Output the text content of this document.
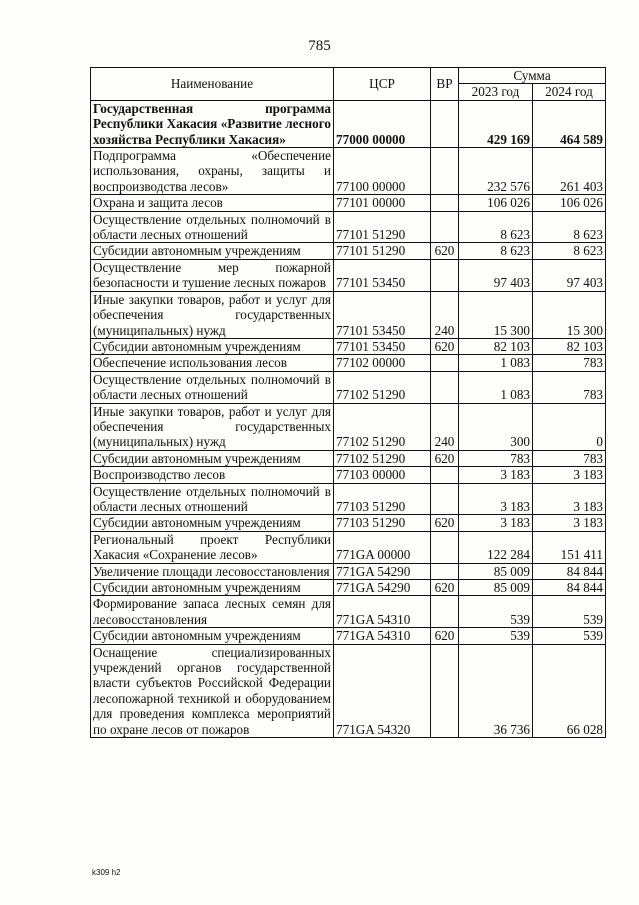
785
Наименование	ЦСР	ВР	Сумма	
			2023 год	2024 год
Государственная программа Республики Хакасия «Развитие лесного хозяйства Республики Хакасия»	77000 00000		429 169	464 589
Подпрограмма «Обеспечение использования, охраны, защиты и воспроизводства лесов»	77100 00000		232 576	261 403
Охрана и защита лесов	77101 00000		106 026	106 026
Осуществление отдельных полномочий в области лесных отношений	77101 51290		8 623	8 623
Субсидии автономным учреждениям	77101 51290	620	8 623	8 623
Осуществление мер пожарной безопасности и тушение лесных пожаров	77101 53450		97 403	97 403
Иные закупки товаров, работ и услуг для обеспечения государственных (муниципальных) нужд	77101 53450	240	15 300	15 300
Субсидии автономным учреждениям	77101 53450	620	82 103	82 103
Обеспечение использования лесов	77102 00000		1 083	783
Осуществление отдельных полномочий в области лесных отношений	77102 51290		1 083	783
Иные закупки товаров, работ и услуг для обеспечения государственных (муниципальных) нужд	77102 51290	240	300	0
Субсидии автономным учреждениям	77102 51290	620	783	783
Воспроизводство лесов	77103 00000		3 183	3 183
Осуществление отдельных полномочий в области лесных отношений	77103 51290		3 183	3 183
Субсидии автономным учреждениям	77103 51290	620	3 183	3 183
Региональный проект Республики Хакасия «Сохранение лесов»	771GA 00000		122 284	151 411
Увеличение площади лесовосстановления	771GA 54290		85 009	84 844
Субсидии автономным учреждениям	771GA 54290	620	85 009	84 844
Формирование запаса лесных семян для лесовосстановления	771GA 54310		539	539
Субсидии автономным учреждениям	771GA 54310	620	539	539
Оснащение специализированных учреждений органов государственной власти субъектов Российской Федерации лесопожарной техникой и оборудованием для проведения комплекса мероприятий по охране лесов от пожаров	771GA 54320		36 736	66 028
k309 h2
